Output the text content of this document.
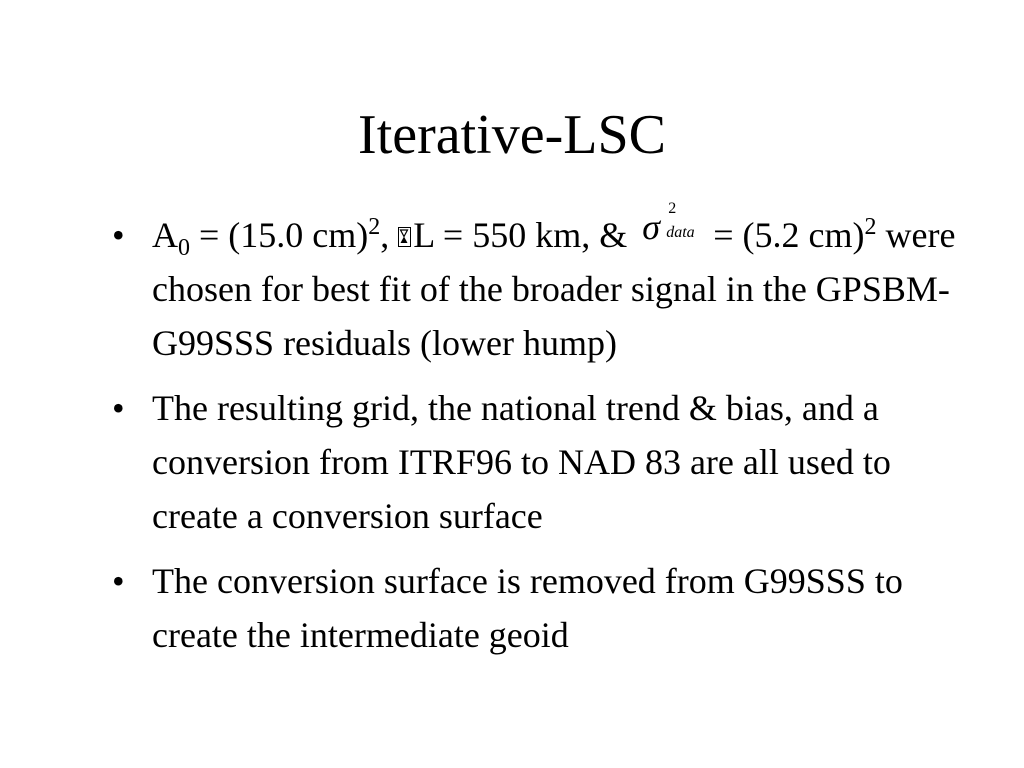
Iterative-LSC
• $A_0 = (15.0$ cm)$^2$,
L = 550 km, & σ 2
data = (5.2 cm)$^2$ were chosen for best fit of the broader signal in the GPSBM-G99SSS residuals (lower hump)
• The resulting grid, the national trend & bias, and a conversion from ITRF96 to NAD 83 are all used to create a conversion surface
• The conversion surface is removed from G99SSS to create the intermediate geoid
